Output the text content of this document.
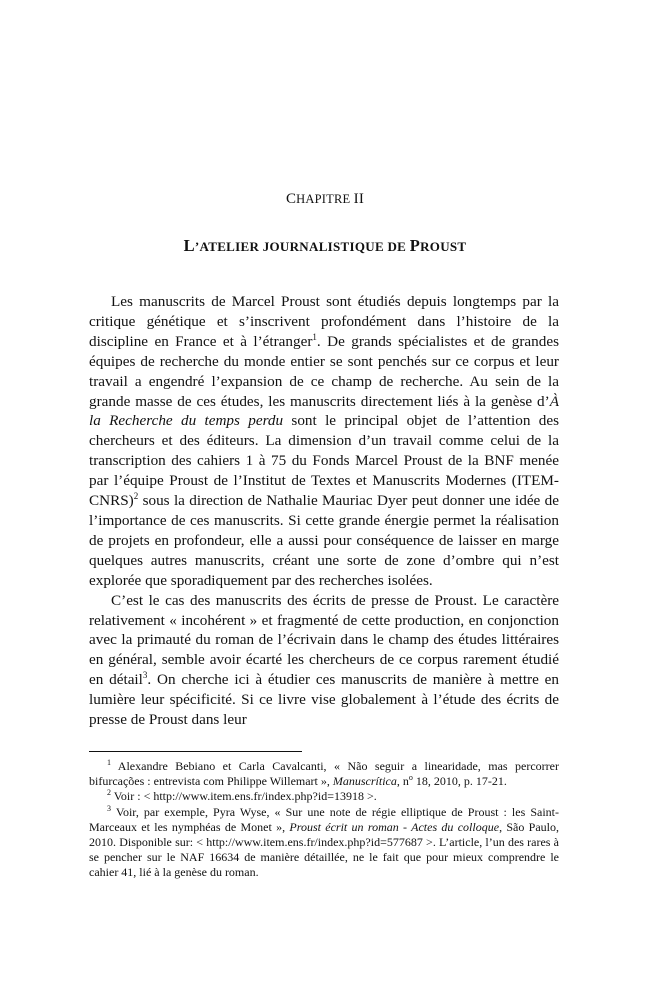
CHAPITRE II
L’ATELIER JOURNALISTIQUE DE PROUST

Les manuscrits de Marcel Proust sont étudiés depuis longtemps par la critique génétique et s’inscrivent profondément dans l’histoire de la discipline en France et à l’étranger$^1$. De grands spécialistes et de grandes équipes de recherche du monde entier se sont penchés sur ce corpus et leur travail a engendré l’expansion de ce champ de recherche. Au sein de la grande masse de ces études, les manuscrits directement liés à la genèse d’À la Recherche du temps perdu sont le principal objet de l’attention des chercheurs et des éditeurs. La dimension d’un travail comme celui de la transcription des cahiers 1 à 75 du Fonds Marcel Proust de la BNF menée par l’équipe Proust de l’Institut de Textes et Manuscrits Modernes (ITEM-CNRS)$^2$ sous la direction de Nathalie Mauriac Dyer peut donner une idée de l’importance de ces manuscrits. Si cette grande énergie permet la réalisation de projets en profondeur, elle a aussi pour conséquence de laisser en marge quelques autres manuscrits, créant une sorte de zone d’ombre qui n’est explorée que sporadiquement par des recherches isolées.

C’est le cas des manuscrits des écrits de presse de Proust. Le caractère relativement « incohérent » et fragmenté de cette production, en conjonction avec la primauté du roman de l’écrivain dans le champ des études littéraires en général, semble avoir écarté les chercheurs de ce corpus rarement étudié en détail$^3$. On cherche ici à étudier ces manuscrits de manière à mettre en lumière leur spécificité. Si ce livre vise globalement à l’étude des écrits de presse de Proust dans leur

$^1$ Alexandre Bebiano et Carla Cavalcanti, « Não seguir a linearidade, mas percorrer bifurcações : entrevista com Philippe Willemart », Manuscrítica, $n^o$ 18, 2010, p. 17-21.

$^2$ Voir : < http://www.item.ens.fr/index.php?id=13918 >.

$^3$ Voir, par exemple, Pyra Wyse, « Sur une note de régie elliptique de Proust : les Saint-Marceaux et les nymphéas de Monet », Proust écrit un roman - Actes du colloque, São Paulo, 2010. Disponible sur: < http://www.item.ens.fr/index.php?id=577687 >. L’article, l’un des rares à se pencher sur le NAF 16634 de manière détaillée, ne le fait que pour mieux comprendre le cahier 41, lié à la genèse du roman.
